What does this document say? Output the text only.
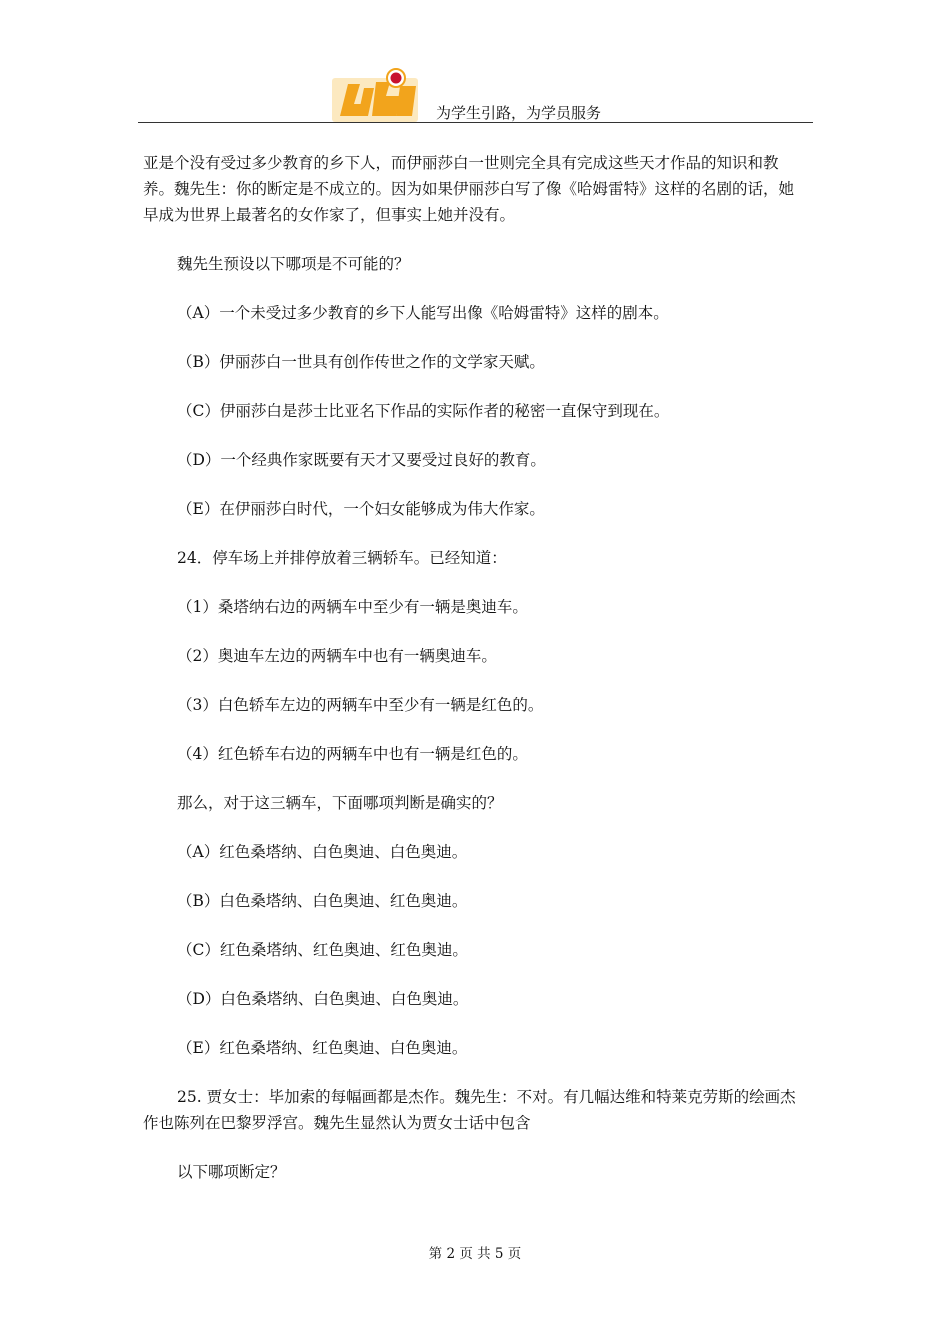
为学生引路，为学员服务

亚是个没有受过多少教育的乡下人，而伊丽莎白一世则完全具有完成这些天才作品的知识和教养。魏先生：你的断定是不成立的。因为如果伊丽莎白写了像《哈姆雷特》这样的名剧的话，她早成为世界上最著名的女作家了，但事实上她并没有。

魏先生预设以下哪项是不可能的？

（A）一个未受过多少教育的乡下人能写出像《哈姆雷特》这样的剧本。

（B）伊丽莎白一世具有创作传世之作的文学家天赋。

（C）伊丽莎白是莎士比亚名下作品的实际作者的秘密一直保守到现在。

（D）一个经典作家既要有天才又要受过良好的教育。

（E）在伊丽莎白时代，一个妇女能够成为伟大作家。

24．停车场上并排停放着三辆轿车。已经知道：

（1）桑塔纳右边的两辆车中至少有一辆是奥迪车。

（2）奥迪车左边的两辆车中也有一辆奥迪车。

（3）白色轿车左边的两辆车中至少有一辆是红色的。

（4）红色轿车右边的两辆车中也有一辆是红色的。

那么，对于这三辆车，下面哪项判断是确实的？

（A）红色桑塔纳、白色奥迪、白色奥迪。

（B）白色桑塔纳、白色奥迪、红色奥迪。

（C）红色桑塔纳、红色奥迪、红色奥迪。

（D）白色桑塔纳、白色奥迪、白色奥迪。

（E）红色桑塔纳、红色奥迪、白色奥迪。

25. 贾女士：毕加索的每幅画都是杰作。魏先生：不对。有几幅达维和特莱克劳斯的绘画杰作也陈列在巴黎罗浮宫。魏先生显然认为贾女士话中包含

以下哪项断定？

第 2 页 共 5 页
